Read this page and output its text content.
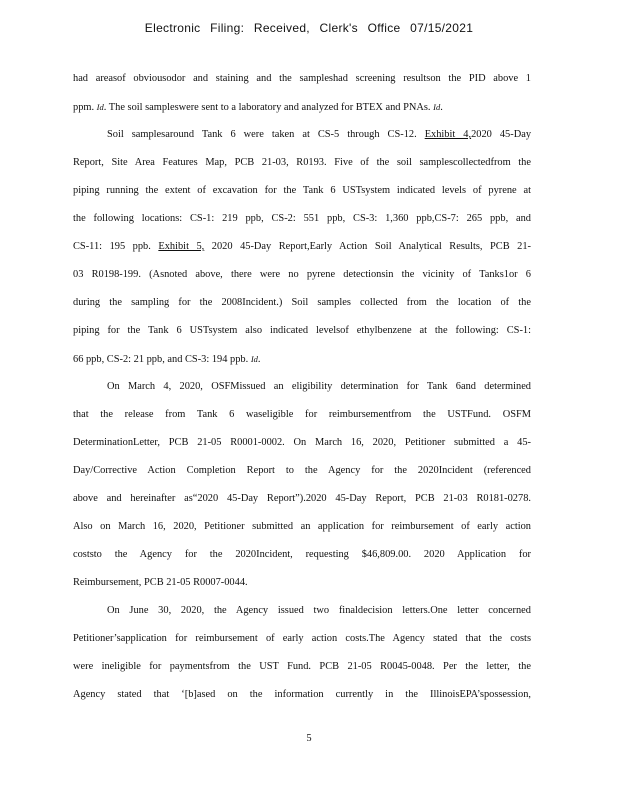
Electronic Filing: Received, Clerk's Office 07/15/2021
had areasof obviousodor and staining and the sampleshad screening resultson the PID above 1
ppm. Id. The soil sampleswere sent to a laboratory and analyzed for BTEX and PNAs. Id.
Soil samplesaround Tank 6 were taken at CS-5 through CS-12. Exhibit 4,2020 45-Day
Report, Site Area Features Map, PCB 21-03, R0193. Five of the soil samplescollectedfrom the
piping running the extent of excavation for the Tank 6 USTsystem indicated levels of pyrene at
the following locations: CS-1: 219 ppb, CS-2: 551 ppb, CS-3: 1,360 ppb,CS-7: 265 ppb, and
CS-11: 195 ppb. Exhibit 5, 2020 45-Day Report,Early Action Soil Analytical Results, PCB 21-
03 R0198-199. (Asnoted above, there were no pyrene detectionsin the vicinity of Tanks1or 6
during the sampling for the 2008Incident.) Soil samples collected from the location of the
piping for the Tank 6 USTsystem also indicated levelsof ethylbenzene at the following: CS-1:
66 ppb, CS-2: 21 ppb, and CS-3: 194 ppb. Id.
On March 4, 2020, OSFMissued an eligibility determination for Tank 6and determined
that the release from Tank 6 waseligible for reimbursementfrom the USTFund. OSFM
DeterminationLetter, PCB 21-05 R0001-0002. On March 16, 2020, Petitioner submitted a 45-
Day/Corrective Action Completion Report to the Agency for the 2020Incident (referenced
above and hereinafter as“2020 45-Day Report”).2020 45-Day Report, PCB 21-03 R0181-0278.
Also on March 16, 2020, Petitioner submitted an application for reimbursement of early action
coststo the Agency for the 2020Incident, requesting $46,809.00. 2020 Application for
Reimbursement, PCB 21-05 R0007-0044.
On June 30, 2020, the Agency issued two finaldecision letters.One letter concerned
Petitioner’sapplication for reimbursement of early action costs.The Agency stated that the costs
were ineligible for paymentsfrom the UST Fund. PCB 21-05 R0045-0048. Per the letter, the
Agency stated that ‘[b]ased on the information currently in the IllinoisEPA’spossession,
5
